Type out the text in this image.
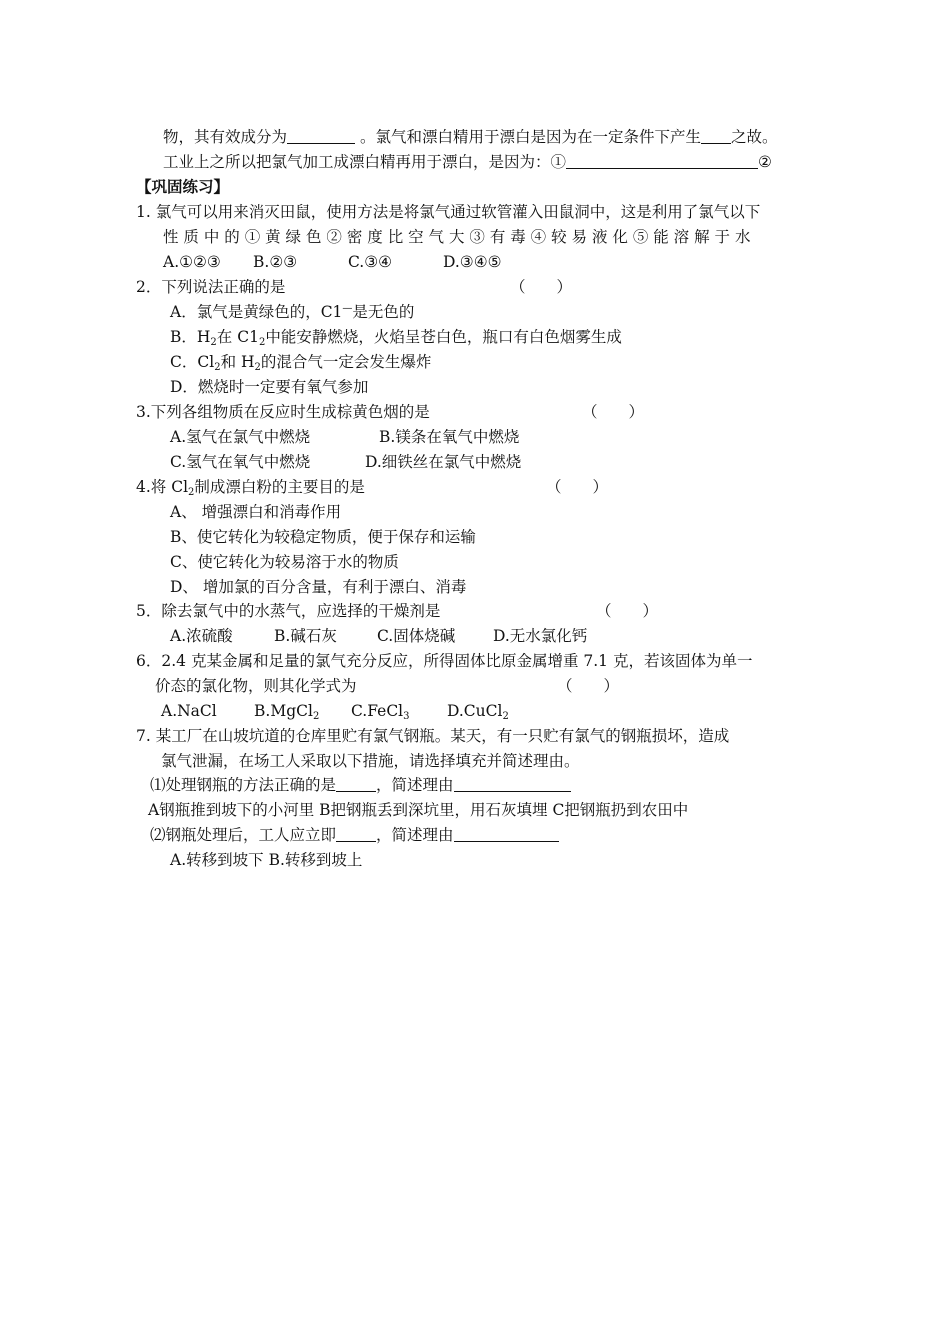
物，其有效成分为	。氯气和漂白精用于漂白是因为在一定条件下产生 之故。
工业上之所以把氯气加工成漂白精再用于漂白，是因为：①	②
【巩固练习】
1. 氯气可以用来消灭田鼠，使用方法是将氯气通过软管灌入田鼠洞中，这是利用了氯气以下
性 质 中 的 ① 黄 绿 色 ② 密 度 比 空 气 大 ③ 有 毒 ④ 较 易 液 化 ⑤ 能 溶 解 于 水
A.①②③ B.②③	C.③④	D.③④⑤
2．下列说法正确的是	（　　）
A．氯气是黄绿色的，C1—是无色的
B．$H_2$在 $C1_2$中能安静燃烧，火焰呈苍白色，瓶口有白色烟雾生成
C．$Cl_2$和 $H_2$的混合气一定会发生爆炸
D．燃烧时一定要有氧气参加
3.下列各组物质在反应时生成棕黄色烟的是	（　　）
A.氢气在氯气中燃烧	B.镁条在氧气中燃烧
C.氢气在氧气中燃烧	D.细铁丝在氯气中燃烧
4.将 $Cl_2$制成漂白粉的主要目的是	（　　）
A、 增强漂白和消毒作用
B、使它转化为较稳定物质，便于保存和运输
C、使它转化为较易溶于水的物质
D、 增加氯的百分含量，有利于漂白、消毒
5．除去氯气中的水蒸气，应选择的干燥剂是	（　　）
A.浓硫酸	B.碱石灰	C.固体烧碱 D.无水氯化钙
6．2.4 克某金属和足量的氯气充分反应，所得固体比原金属增重 7.1 克，若该固体为单一
价态的氯化物，则其化学式为	（　　）
A.NaCl B.MgCl$_2$ C.FeCl$_3$ D.CuCl$_2$
7. 某工厂在山坡坑道的仓库里贮有氯气钢瓶。某天，有一只贮有氯气的钢瓶损坏，造成
氯气泄漏，在场工人采取以下措施，请选择填充并简述理由。
⑴处理钢瓶的方法正确的是	，简述理由
A钢瓶推到坡下的小河里 B把钢瓶丢到深坑里，用石灰填埋 C把钢瓶扔到农田中
⑵钢瓶处理后，工人应立即	，简述理由
A.转移到坡下 B.转移到坡上
